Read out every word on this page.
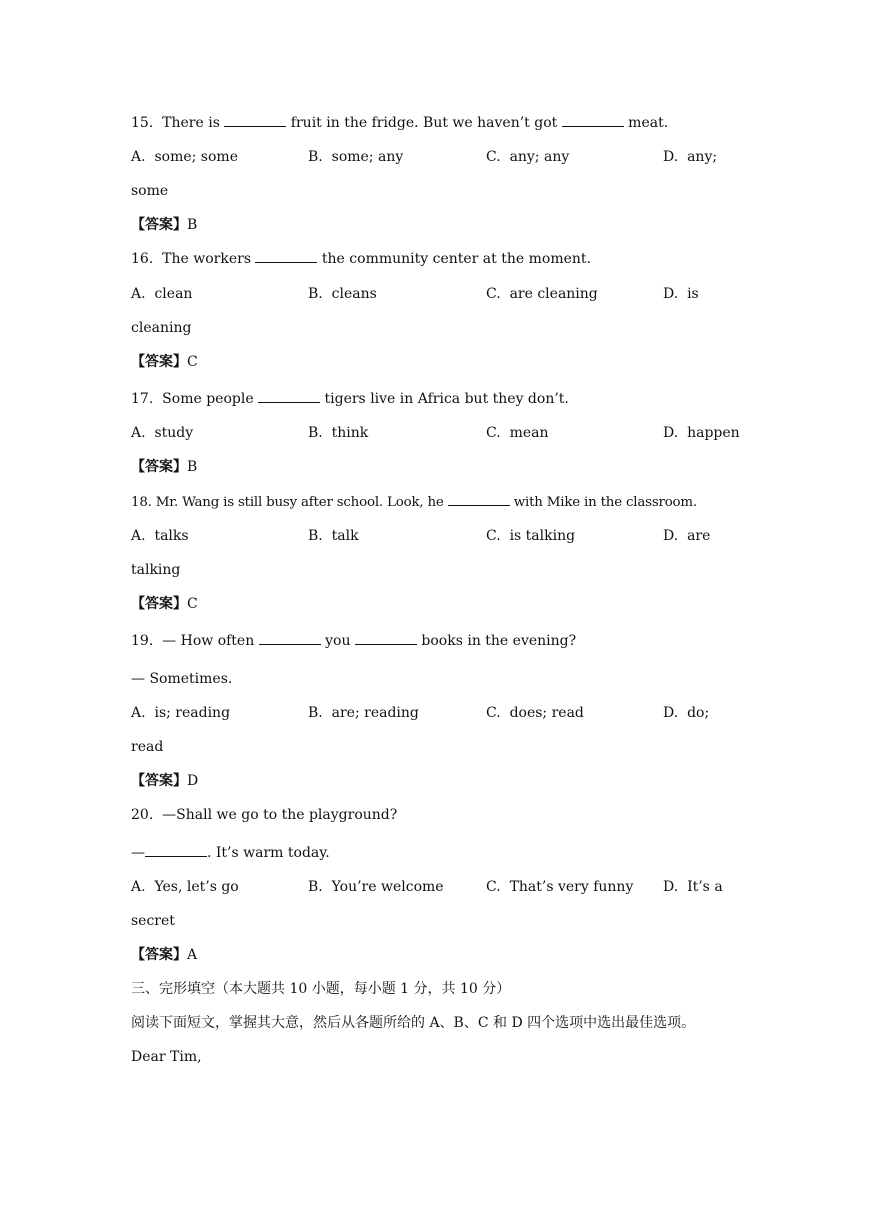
15. There is	fruit in the fridge. But we haven’t got	meat.
A.  some; some	B.  some; any	C.  any; any	D.  any;
some
【答案】B
16. The workers	the community center at the moment.
A.  clean	B.  cleans	C.  are cleaning	D.  is
cleaning
【答案】C
17. Some people	tigers live in Africa but they don’t.
A.  study	B.  think	C.  mean	D.  happen
【答案】B
18. Mr. Wang is still busy after school. Look, he	with Mike in the classroom.
A.  talks	B.  talk	C.  is talking	D.  are
talking
【答案】C
19. — How often	you	books in the evening?
— Sometimes.
A.  is; reading	B.  are; reading	C.  does; read	D.  do;
read
【答案】D
20. —Shall we go to the playground?
—	. It’s warm today.
A.  Yes, let’s go	B.  You’re welcome	C.  That’s very funny D.  It’s a
secret
【答案】A
三、完形填空（本大题共 10 小题，每小题 1 分，共 10 分）
阅读下面短文，掌握其大意，然后从各题所给的 A、B、C 和 D 四个选项中选出最佳选项。
Dear Tim,
